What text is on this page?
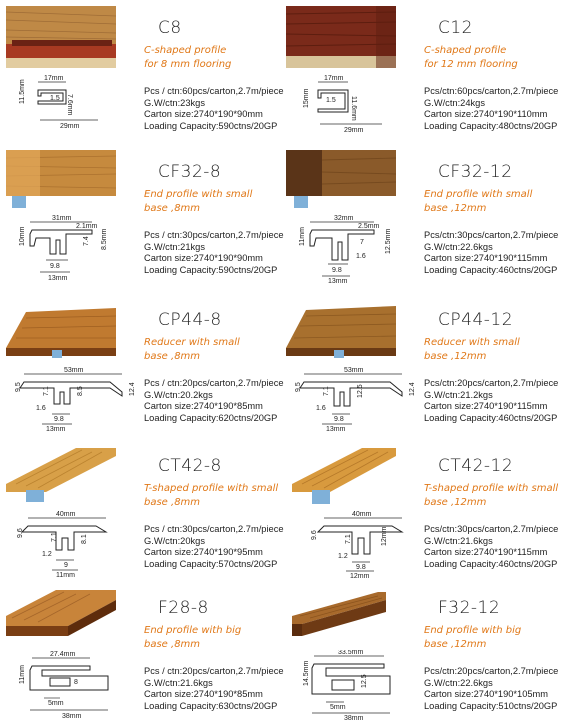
C8
C-shaped profile
for 8 mm flooring
Pcs / ctn:60pcs/carton,2.7m/piece
G.W/ctn:23kgs
Carton size:2740*190*90mm
Loading Capacity:590ctns/20GP
17mm
11.5mm	1.5 7.6mm
29mm
C12
C-shaped profile
for 12 mm flooring
Pcs/ctn:60pcs/carton,2.7m/piece
G.W/ctn:24kgs
Carton size:2740*190*110mm
Loading Capacity:480ctns/20GP
17mm
15mm 1.5 11.6mm
29mm
CF32-8
End profile with small
base ,8mm
Pcs / ctn:30pcs/carton,2.7m/piece
G.W/ctn:21kgs
Carton size:2740*190*90mm
Loading Capacity:590ctns/20GP
31mm
2.1mm
10mm	7.4 8.5mm
9.8
13mm
CF32-12
End profile with small
base ,12mm
Pcs/ctn:30pcs/carton,2.7m/piece
G.W/ctn:22.6kgs
Carton size:2740*190*115mm
Loading Capacity:460ctns/20GP
32mm
2.5mm
11mm	7	12.5mm
1.6
9.8
13mm
CP44-8
Reducer with small
base ,8mm
Pcs / ctn:20pcs/carton,2.7m/piece
G.W/ctn:20.2kgs
Carton size:2740*190*85mm
Loading Capacity:620ctns/20GP
53mm
9.5	7.1	8.5	12.4
1.6
9.8
13mm
CP44-12
Reducer with small
base ,12mm
Pcs/ctn:20pcs/carton,2.7m/piece
G.W/ctn:21.2kgs
Carton size:2740*190*115mm
Loading Capacity:460ctns/20GP
53mm
9.5	7.1	12.5	12.4
1.6
9.8
13mm
CT42-8
T-shaped profile with small
base ,8mm
Pcs / ctn:30pcs/carton,2.7m/piece
G.W/ctn:20kgs
Carton size:2740*190*95mm
Loading Capacity:570ctns/20GP
40mm
9.6	7.1	8.1
1.2
9
11mm
CT42-12
T-shaped profile with small
base ,12mm
Pcs/ctn:30pcs/carton,2.7m/piece
G.W/ctn:21.6kgs
Carton size:2740*190*115mm
Loading Capacity:460ctns/20GP
40mm
9.6	7.1	12mm
1.2
9.8
12mm
F28-8
End profile with big
base ,8mm
Pcs / ctn:20pcs/carton,2.7m/piece
G.W/ctn:21.6kgs
Carton size:2740*190*85mm
Loading Capacity:630ctns/20GP
27.4mm
11mm	8
5mm
38mm
F32-12
End profile with big
base ,12mm
Pcs/ctn:20pcs/carton,2.7m/piece
G.W/ctn:22.6kgs
Carton size:2740*190*105mm
Loading Capacity:510ctns/20GP
33.5mm
14.5mm	12.5
5mm
38mm
